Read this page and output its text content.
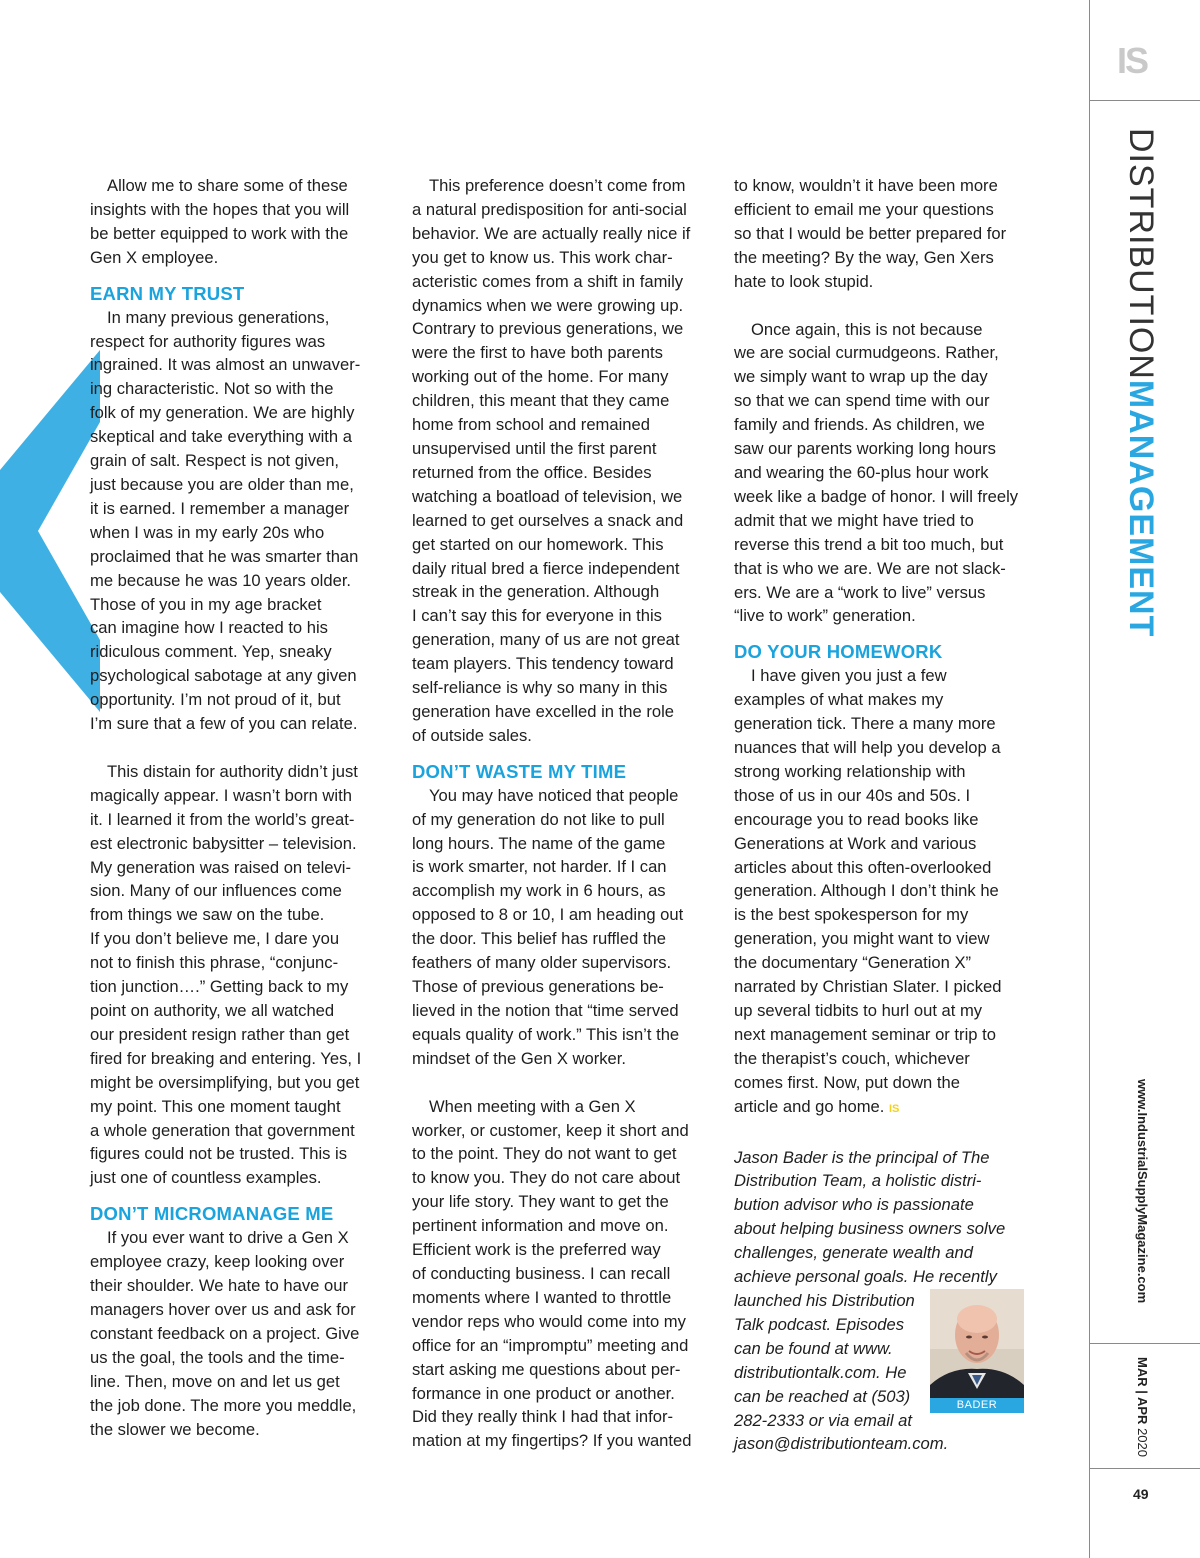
Allow me to share some of these
insights with the hopes that you will
be better equipped to work with the
Gen X employee.

EARN MY TRUST

In many previous generations,
respect for authority figures was
ingrained. It was almost an unwaver-
ing characteristic. Not so with the
folk of my generation. We are highly
skeptical and take everything with a
grain of salt. Respect is not given,
just because you are older than me,
it is earned. I remember a manager
when I was in my early 20s who
proclaimed that he was smarter than
me because he was 10 years older.
Those of you in my age bracket
can imagine how I reacted to his
ridiculous comment. Yep, sneaky
psychological sabotage at any given
opportunity. I’m not proud of it, but
I’m sure that a few of you can relate.

This distain for authority didn’t just
magically appear. I wasn’t born with
it. I learned it from the world’s great-
est electronic babysitter – television.
My generation was raised on televi-
sion. Many of our influences come
from things we saw on the tube.
If you don’t believe me, I dare you
not to finish this phrase, “conjunc-
tion junction….” Getting back to my
point on authority, we all watched
our president resign rather than get
fired for breaking and entering. Yes, I
might be oversimplifying, but you get
my point. This one moment taught
a whole generation that government
figures could not be trusted. This is
just one of countless examples.

DON’T MICROMANAGE ME

If you ever want to drive a Gen X
employee crazy, keep looking over
their shoulder. We hate to have our
managers hover over us and ask for
constant feedback on a project. Give
us the goal, the tools and the time-
line. Then, move on and let us get
the job done. The more you meddle,
the slower we become.

This preference doesn’t come from
a natural predisposition for anti-social
behavior. We are actually really nice if
you get to know us. This work char-
acteristic comes from a shift in family
dynamics when we were growing up.
Contrary to previous generations, we
were the first to have both parents
working out of the home. For many
children, this meant that they came
home from school and remained
unsupervised until the first parent
returned from the office. Besides
watching a boatload of television, we
learned to get ourselves a snack and
get started on our homework. This
daily ritual bred a fierce independent
streak in the generation. Although
I can’t say this for everyone in this
generation, many of us are not great
team players. This tendency toward
self-reliance is why so many in this
generation have excelled in the role
of outside sales.

DON’T WASTE MY TIME

You may have noticed that people
of my generation do not like to pull
long hours. The name of the game
is work smarter, not harder. If I can
accomplish my work in 6 hours, as
opposed to 8 or 10, I am heading out
the door. This belief has ruffled the
feathers of many older supervisors.
Those of previous generations be-
lieved in the notion that “time served
equals quality of work.” This isn’t the
mindset of the Gen X worker.

When meeting with a Gen X
worker, or customer, keep it short and
to the point. They do not want to get
to know you. They do not care about
your life story. They want to get the
pertinent information and move on.
Efficient work is the preferred way
of conducting business. I can recall
moments where I wanted to throttle
vendor reps who would come into my
office for an “impromptu” meeting and
start asking me questions about per-
formance in one product or another.
Did they really think I had that infor-
mation at my fingertips? If you wanted

to know, wouldn’t it have been more
efficient to email me your questions
so that I would be better prepared for
the meeting? By the way, Gen Xers
hate to look stupid.

Once again, this is not because
we are social curmudgeons. Rather,
we simply want to wrap up the day
so that we can spend time with our
family and friends. As children, we
saw our parents working long hours
and wearing the 60-plus hour work
week like a badge of honor. I will freely
admit that we might have tried to
reverse this trend a bit too much, but
that is who we are. We are not slack-
ers. We are a “work to live” versus
“live to work” generation.

DO YOUR HOMEWORK

I have given you just a few
examples of what makes my
generation tick. There a many more
nuances that will help you develop a
strong working relationship with
those of us in our 40s and 50s. I
encourage you to read books like
Generations at Work and various
articles about this often-overlooked
generation. Although I don’t think he
is the best spokesperson for my
generation, you might want to view
the documentary “Generation X”
narrated by Christian Slater. I picked
up several tidbits to hurl out at my
next management seminar or trip to
the therapist’s couch, whichever
comes first. Now, put down the
article and go home. IS

Jason Bader is the principal of The
Distribution Team, a holistic distri-
bution advisor who is passionate
about helping business owners solve
challenges, generate wealth and
achieve personal goals. He recently

BADER

launched his Distribution
Talk podcast. Episodes
can be found at www.
distributiontalk.com. He
can be reached at (503)
282-2333 or via email at
jason@distributionteam.com.

IS
DISTRIBUTIONMANAGEMENT
www.IndustrialSupplyMagazine.com
MAR | APR 2020
49
